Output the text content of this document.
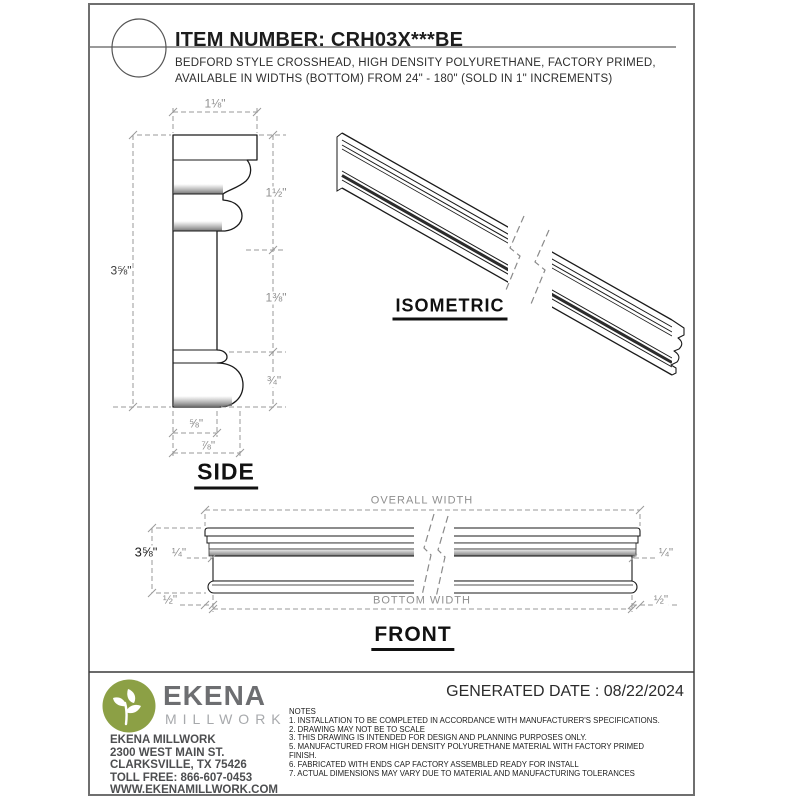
ITEM NUMBER: CRH03X***BE
BEDFORD STYLE CROSSHEAD, HIGH DENSITY POLYURETHANE, FACTORY PRIMED,
AVAILABLE IN WIDTHS (BOTTOM) FROM 24" - 180" (SOLD IN 1" INCREMENTS)
1⅛"
3⅝"
1½"
1⅜"
¾"
⅝"
⅞"
SIDE
ISOMETRIC
OVERALL WIDTH
BOTTOM WIDTH
3⅝" ¼"	¼"
½"	½"
FRONT
GENERATED DATE : 08/22/2024
EKENA
MILLWORK
EKENA MILLWORK
2300 WEST MAIN ST.
CLARKSVILLE, TX 75426
TOLL FREE: 866-607-0453
WWW.EKENAMILLWORK.COM
NOTES
1. INSTALLATION TO BE COMPLETED IN ACCORDANCE WITH MANUFACTURER'S SPECIFICATIONS.
2. DRAWING MAY NOT BE TO SCALE
3. THIS DRAWING IS INTENDED FOR DESIGN AND PLANNING PURPOSES ONLY.
5. MANUFACTURED FROM HIGH DENSITY POLYURETHANE MATERIAL WITH FACTORY PRIMED
FINISH.
6. FABRICATED WITH ENDS CAP FACTORY ASSEMBLED READY FOR INSTALL
7. ACTUAL DIMENSIONS MAY VARY DUE TO MATERIAL AND MANUFACTURING TOLERANCES
